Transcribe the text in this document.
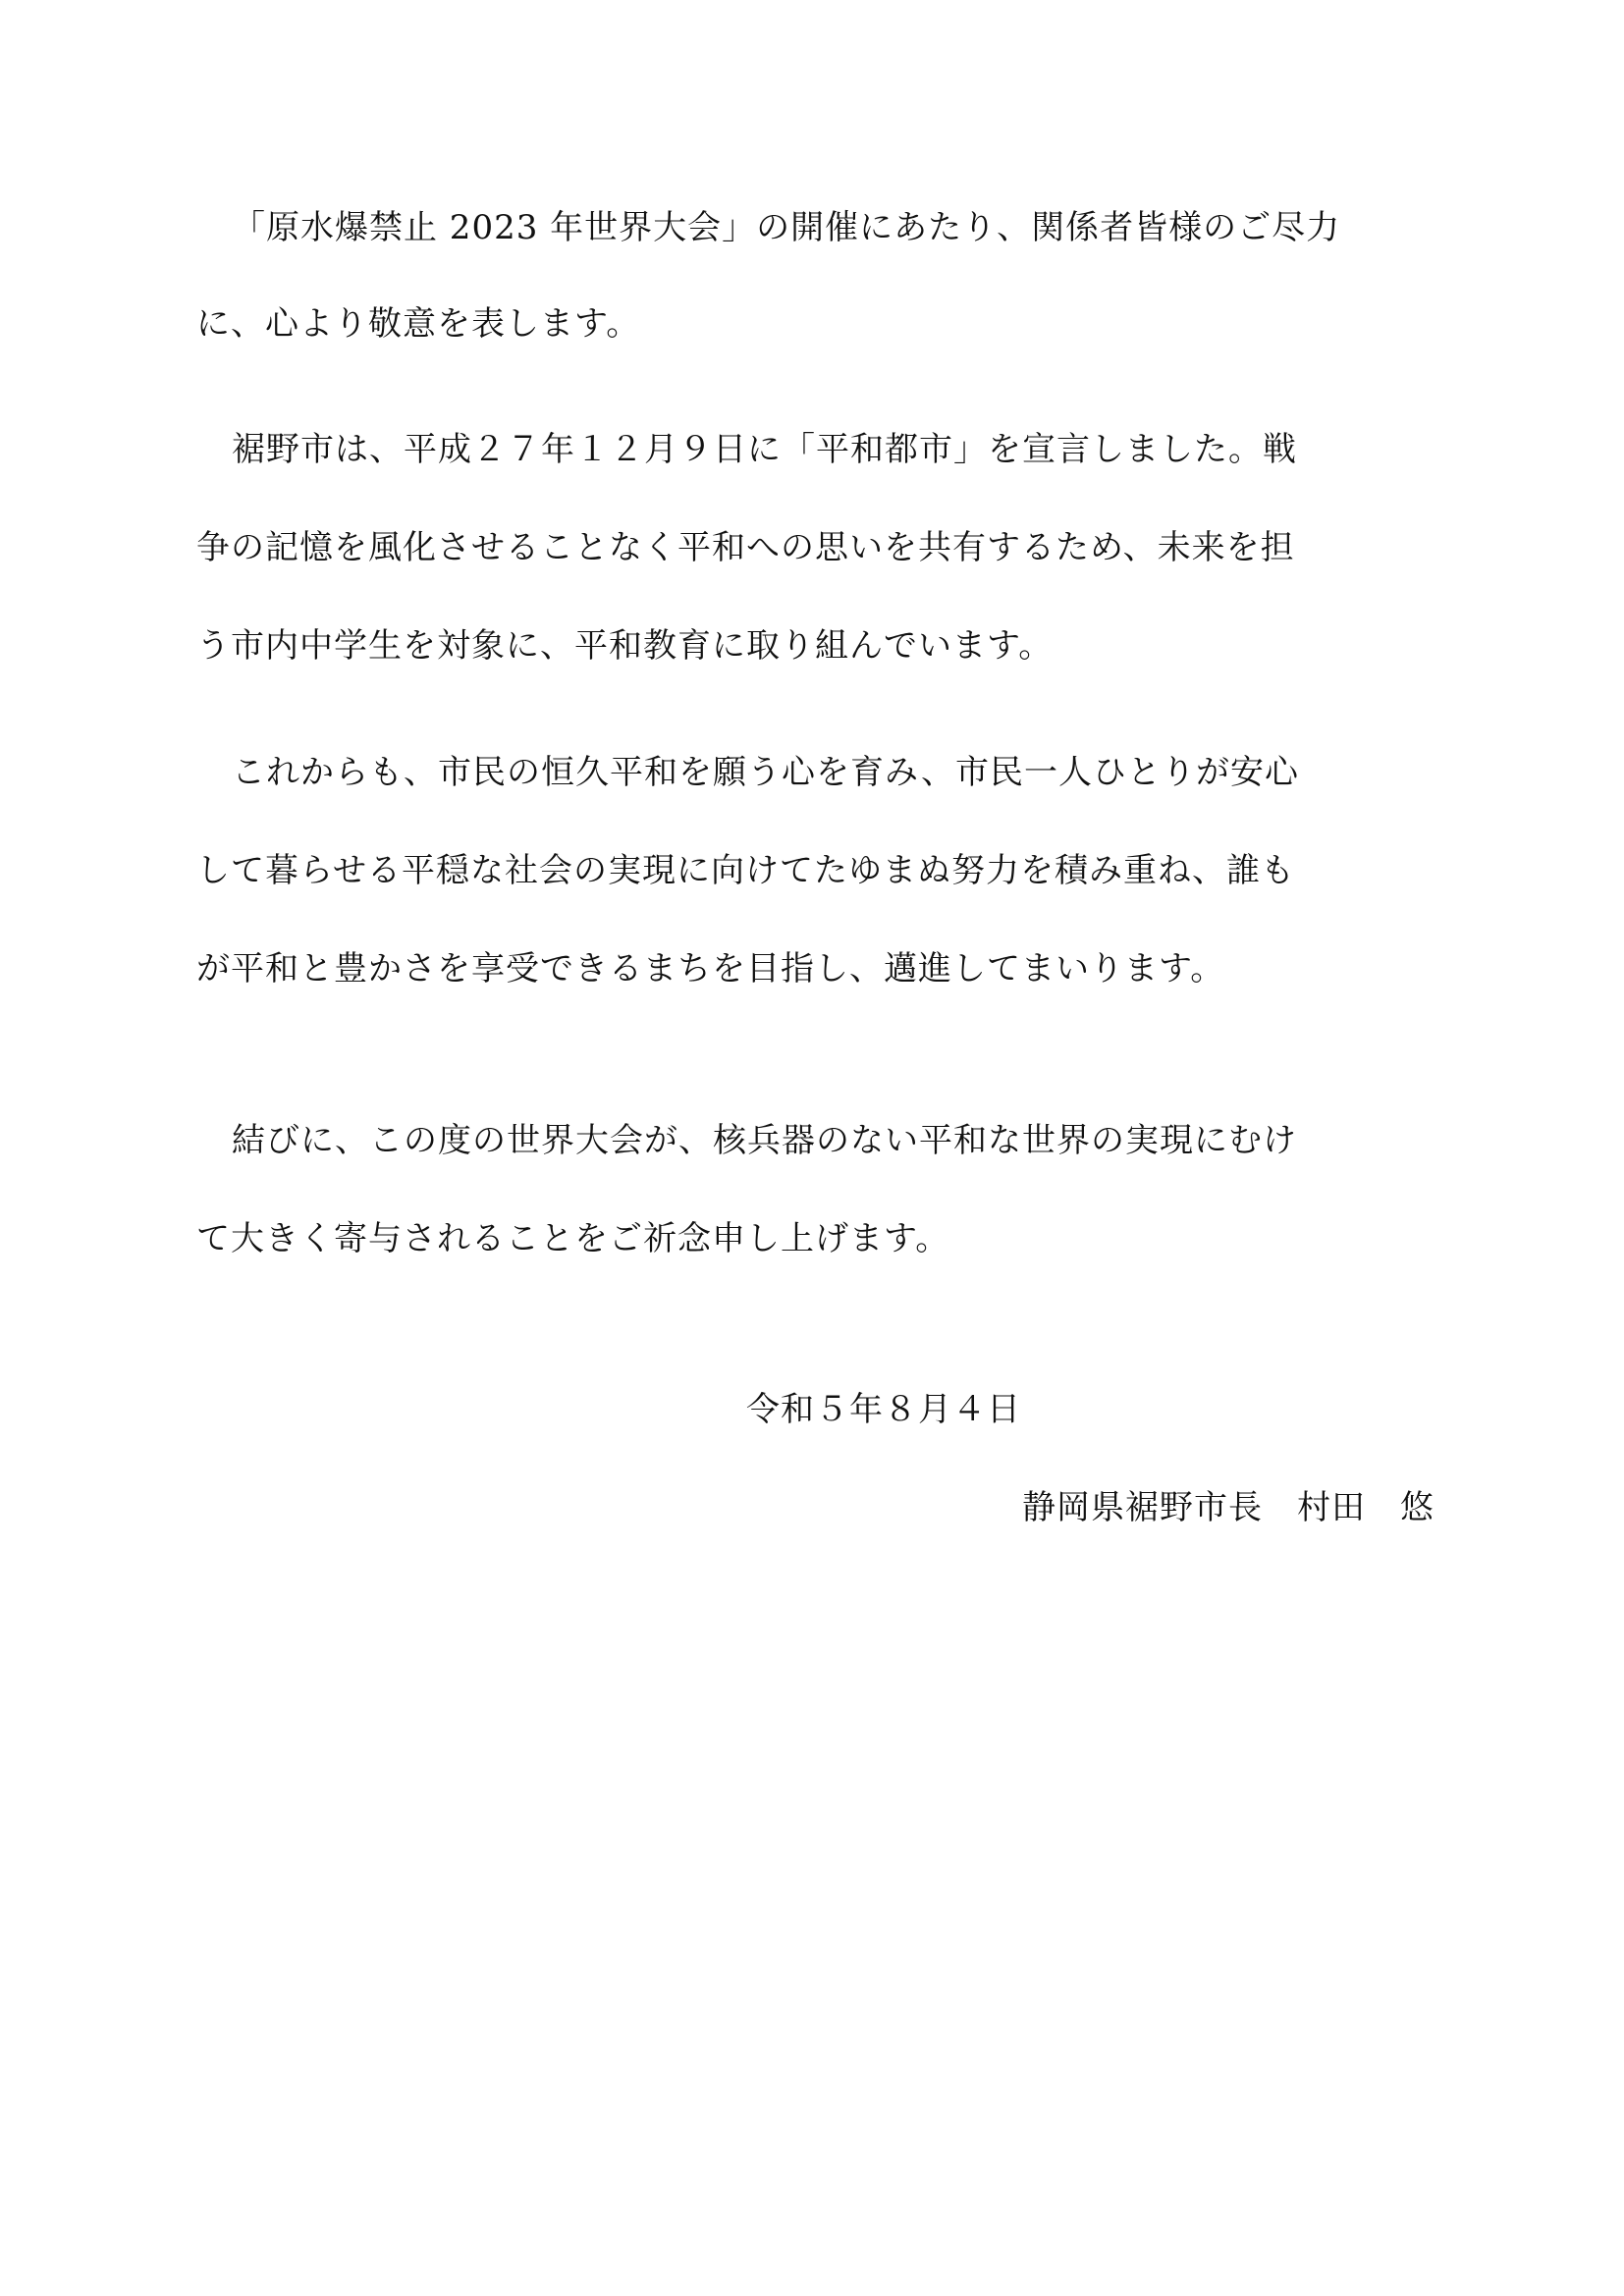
「原水爆禁止 2023 年世界大会」の開催にあたり、関係者皆様のご尽力
に、心より敬意を表します。
裾野市は、平成２７年１２月９日に「平和都市」を宣言しました。戦
争の記憶を風化させることなく平和への思いを共有するため、未来を担
う市内中学生を対象に、平和教育に取り組んでいます。
これからも、市民の恒久平和を願う心を育み、市民一人ひとりが安心
して暮らせる平穏な社会の実現に向けてたゆまぬ努力を積み重ね、誰も
が平和と豊かさを享受できるまちを目指し、邁進してまいります。
結びに、この度の世界大会が、核兵器のない平和な世界の実現にむけ
て大きく寄与されることをご祈念申し上げます。
令和５年８月４日
静岡県裾野市長　村田　悠
